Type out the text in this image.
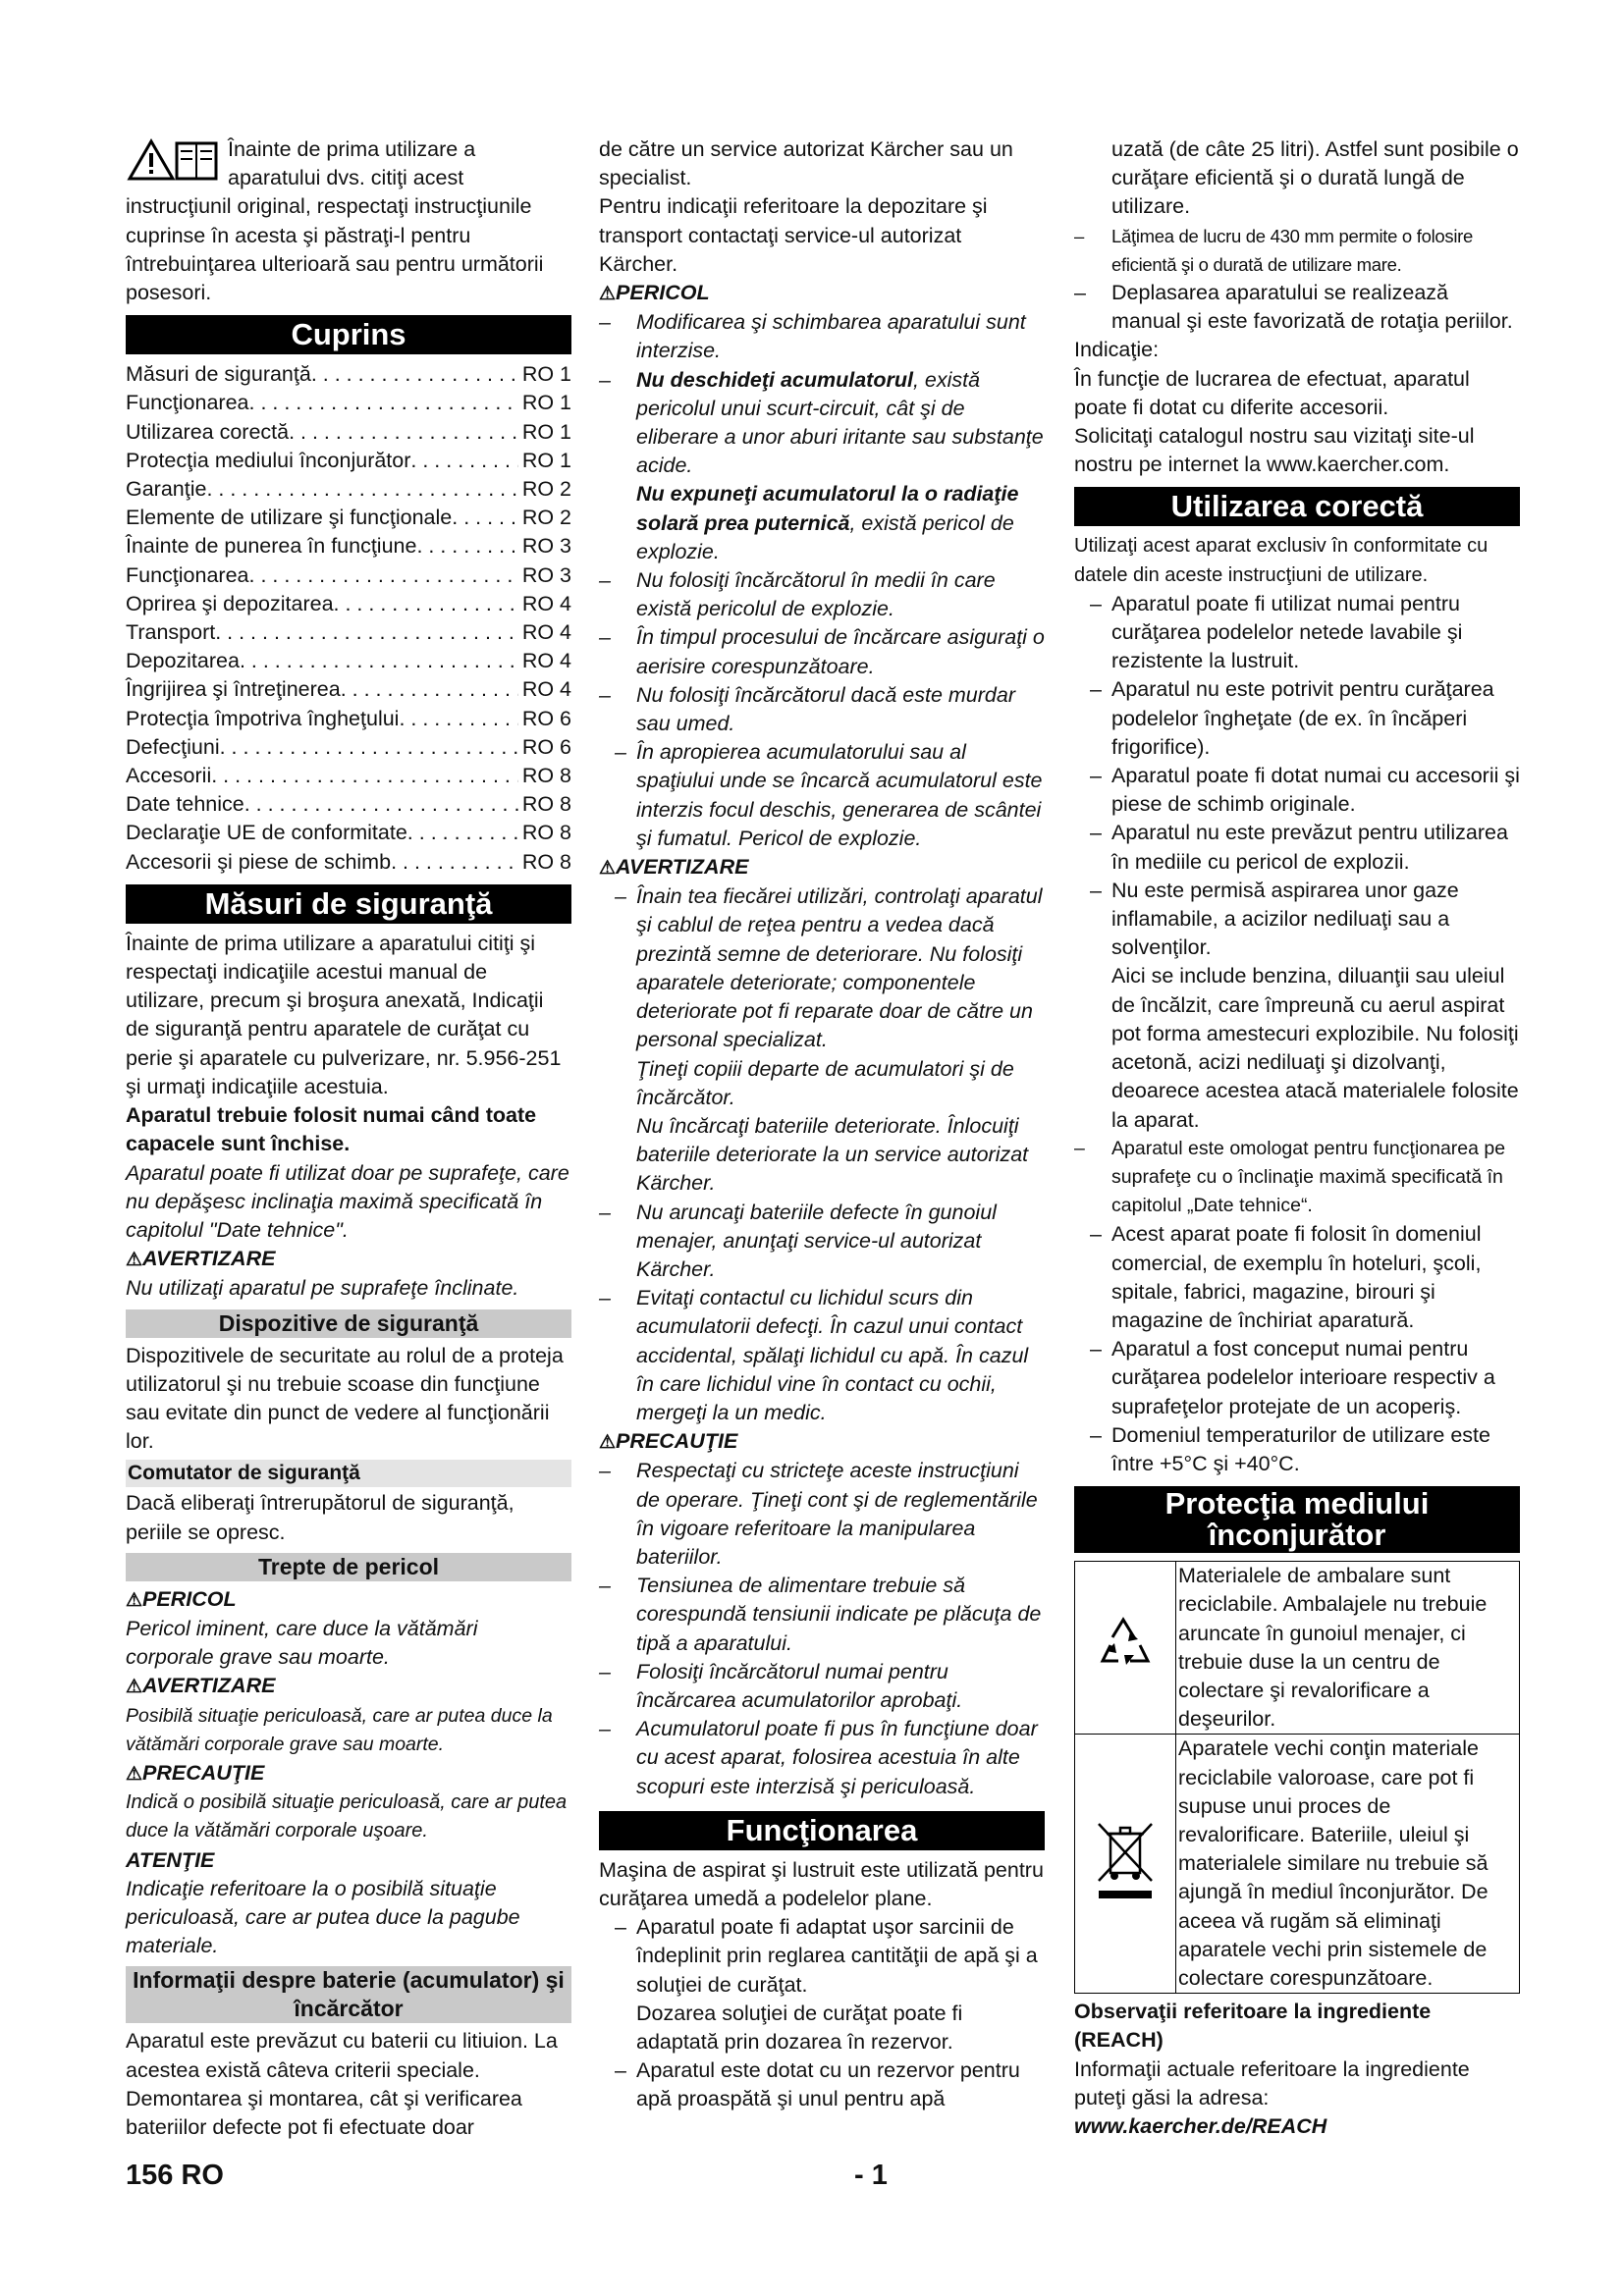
Înainte de prima utilizare a aparatului dvs. citiţi acest instrucţiunil original, respectaţi instrucţiunile cuprinse în acesta şi păstraţi-l pentru întrebuinţarea ulterioară sau pentru următorii posesori.

Cuprins
Măsuri de siguranţă . . .	RO 1
Funcţionarea . . .	RO 1
Utilizarea corectă . . .	RO 1
Protecţia mediului înconjurător . . .	RO 1
Garanţie . . .	RO 2
Elemente de utilizare şi funcţionale . . .	RO 2
Înainte de punerea în funcţiune . . .	RO 3
Funcţionarea . . .	RO 3
Oprirea şi depozitarea . . .	RO 4
Transport . . .	RO 4
Depozitarea . . .	RO 4
Îngrijirea şi întreţinerea . . .	RO 4
Protecţia împotriva îngheţului . . .	RO 6
Defecţiuni . . .	RO 6
Accesorii . . .	RO 8
Date tehnice . . .	RO 8
Declaraţie UE de conformitate . . .	RO 8
Accesorii şi piese de schimb . . .	RO 8
Măsuri de siguranţă

Înainte de prima utilizare a aparatului citiţi şi respectaţi indicaţiile acestui manual de utilizare, precum şi broşura anexată, Indicaţii de siguranţă pentru aparatele de curăţat cu perie şi aparatele cu pulverizare, nr. 5.956-251 şi urmaţi indicaţiile acestuia.

Aparatul trebuie folosit numai când toate capacele sunt închise.

Aparatul poate fi utilizat doar pe suprafeţe, care nu depăşesc inclinaţia maximă specificată în capitolul "Date tehnice".

⚠AVERTIZARE

Nu utilizaţi aparatul pe suprafeţe înclinate.

Dispozitive de siguranţă

Dispozitivele de securitate au rolul de a proteja utilizatorul şi nu trebuie scoase din funcţiune sau evitate din punct de vedere al funcţionării lor.

Comutator de siguranţă

Dacă eliberaţi întrerupătorul de siguranţă, periile se opresc.

Trepte de pericol

⚠PERICOL

Pericol iminent, care duce la vătămări corporale grave sau moarte.

⚠AVERTIZARE

Posibilă situaţie periculoasă, care ar putea duce la vătămări corporale grave sau moarte.

⚠PRECAUŢIE

Indică o posibilă situaţie periculoasă, care ar putea duce la vătămări corporale uşoare.

ATENŢIE

Indicaţie referitoare la o posibilă situaţie periculoasă, care ar putea duce la pagube materiale.

Informaţii despre baterie (acumulator) şi încărcător

Aparatul este prevăzut cu baterii cu litiuion. La acestea există câteva criterii speciale. Demontarea şi montarea, cât şi verificarea bateriilor defecte pot fi efectuate doar

de către un service autorizat Kärcher sau un specialist.

Pentru indicaţii referitoare la depozitare şi transport contactaţi service-ul autorizat Kärcher.

⚠PERICOL

– Modificarea şi schimbarea aparatului sunt interzise.

– Nu deschideţi acumulatorul, există pericolul unui scurt-circuit, cât şi de eliberare a unor aburi iritante sau substanţe acide.

Nu expuneţi acumulatorul la o radiaţie solară prea puternică, există pericol de explozie.

– Nu folosiţi încărcătorul în medii în care există pericolul de explozie.

– În timpul procesului de încărcare asiguraţi o aerisire corespunzătoare.

– Nu folosiţi încărcătorul dacă este murdar sau umed.

– În apropierea acumulatorului sau al spaţiului unde se încarcă acumulatorul este interzis focul deschis, generarea de scântei şi fumatul. Pericol de explozie.

⚠AVERTIZARE

– Înain tea fiecărei utilizări, controlaţi aparatul şi cablul de reţea pentru a vedea dacă prezintă semne de deteriorare. Nu folosiţi aparatele deteriorate; componentele deteriorate pot fi reparate doar de către un personal specializat.

Ţineţi copiii departe de acumulatori şi de încărcător.

Nu încărcaţi bateriile deteriorate. Înlocuiţi bateriile deteriorate la un service autorizat Kärcher.

– Nu aruncaţi bateriile defecte în gunoiul menajer, anunţaţi service-ul autorizat Kärcher.

– Evitaţi contactul cu lichidul scurs din acumulatorii defecţi. În cazul unui contact accidental, spălaţi lichidul cu apă. În cazul în care lichidul vine în contact cu ochii, mergeţi la un medic.

⚠PRECAUŢIE

– Respectaţi cu stricteţe aceste instrucţiuni de operare. Ţineţi cont şi de reglementările în vigoare referitoare la manipularea bateriilor.

– Tensiunea de alimentare trebuie să corespundă tensiunii indicate pe plăcuţa de tipă a aparatului.

– Folosiţi încărcătorul numai pentru încărcarea acumulatorilor aprobaţi.

– Acumulatorul poate fi pus în funcţiune doar cu acest aparat, folosirea acestuia în alte scopuri este interzisă şi periculoasă.

Funcţionarea

Maşina de aspirat şi lustruit este utilizată pentru curăţarea umedă a podelelor plane.

– Aparatul poate fi adaptat uşor sarcinii de îndeplinit prin reglarea cantităţii de apă şi a soluţiei de curăţat.

Dozarea soluţiei de curăţat poate fi adaptată prin dozarea în rezervor.

– Aparatul este dotat cu un rezervor pentru apă proaspătă şi unul pentru apă

uzată (de câte 25 litri). Astfel sunt posibile o curăţare eficientă şi o durată lungă de utilizare.

– Lăţimea de lucru de 430 mm permite o folosire eficientă şi o durată de utilizare mare.

– Deplasarea aparatului se realizează manual şi este favorizată de rotaţia periilor.

Indicaţie:

În funcţie de lucrarea de efectuat, aparatul poate fi dotat cu diferite accesorii.

Solicitaţi catalogul nostru sau vizitaţi site-ul nostru pe internet la www.kaercher.com.

Utilizarea corectă

Utilizaţi acest aparat exclusiv în conformitate cu datele din aceste instrucţiuni de utilizare.

– Aparatul poate fi utilizat numai pentru curăţarea podelelor netede lavabile şi rezistente la lustruit.

– Aparatul nu este potrivit pentru curăţarea podelelor îngheţate (de ex. în încăperi frigorifice).

– Aparatul poate fi dotat numai cu accesorii şi piese de schimb originale.

– Aparatul nu este prevăzut pentru utilizarea în mediile cu pericol de explozii.

– Nu este permisă aspirarea unor gaze inflamabile, a acizilor nediluaţi sau a solvenţilor.

Aici se include benzina, diluanţii sau uleiul de încălzit, care împreună cu aerul aspirat pot forma amestecuri explozibile. Nu folosiţi acetonă, acizi nediluaţi şi dizolvanţi, deoarece acestea atacă materialele folosite la aparat.

– Aparatul este omologat pentru funcţionarea pe suprafeţe cu o înclinaţie maximă specificată în capitolul „Date tehnice“.

– Acest aparat poate fi folosit în domeniul comercial, de exemplu în hoteluri, şcoli, spitale, fabrici, magazine, birouri şi magazine de închiriat aparatură.

– Aparatul a fost conceput numai pentru curăţarea podelelor interioare respectiv a suprafeţelor protejate de un acoperiş.

– Domeniul temperaturilor de utilizare este între +5°C şi +40°C.

Protecţia mediului
înconjurător
	Materialele de ambalare sunt reciclabile. Ambalajele nu trebuie aruncate în gunoiul menajer, ci trebuie duse la un centru de colectare şi revalorificare a deşeurilor.
	Aparatele vechi conţin materiale reciclabile valoroase, care pot fi supuse unui proces de revalorificare. Bateriile, uleiul şi materialele similare nu trebuie să ajungă în mediul înconjurător. De aceea vă rugăm să eliminaţi aparatele vechi prin sistemele de colectare corespunzătoare.

Observaţii referitoare la ingrediente (REACH)

Informaţii actuale referitoare la ingrediente puteţi găsi la adresa:

www.kaercher.de/REACH

156 RO	- 1
